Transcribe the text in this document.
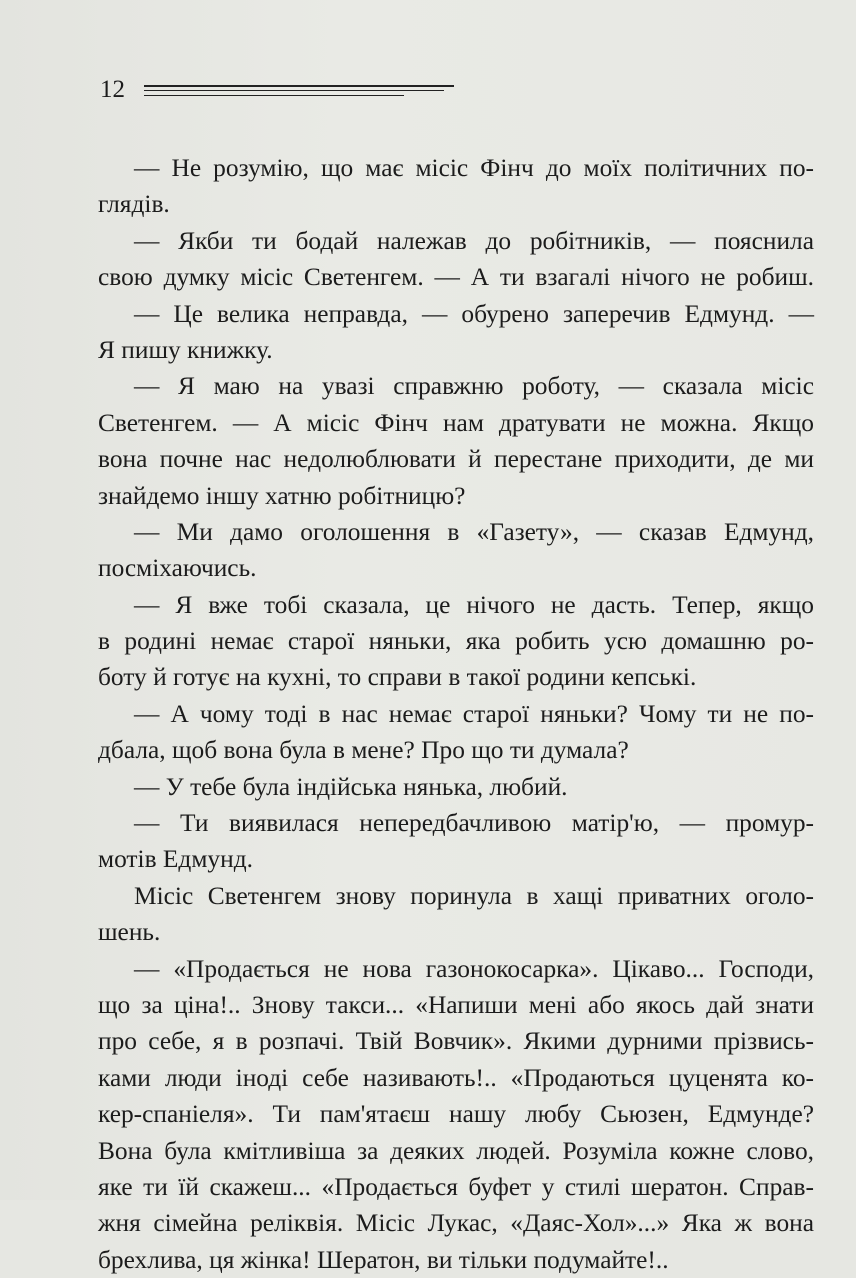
12
— Не розумію, що має місіс Фінч до моїх політичних по-
глядів.
— Якби ти бодай належав до робітників, — пояснила
свою думку місіс Светенгем. — А ти взагалі нічого не робиш.
— Це велика неправда, — обурено заперечив Едмунд. —
Я пишу книжку.
— Я маю на увазі справжню роботу, — сказала місіс
Светенгем. — А місіс Фінч нам дратувати не можна. Якщо
вона почне нас недолюблювати й перестане приходити, де ми
знайдемо іншу хатню робітницю?
— Ми дамо оголошення в «Газету», — сказав Едмунд,
посміхаючись.
— Я вже тобі сказала, це нічого не дасть. Тепер, якщо
в родині немає старої няньки, яка робить усю домашню ро-
боту й готує на кухні, то справи в такої родини кепські.
— А чому тоді в нас немає старої няньки? Чому ти не по-
дбала, щоб вона була в мене? Про що ти думала?
— У тебе була індійська нянька, любий.
— Ти виявилася непередбачливою матір'ю, — промур-
мотів Едмунд.
Місіс Светенгем знову поринула в хащі приватних оголо-
шень.
— «Продається не нова газонокосарка». Цікаво... Господи,
що за ціна!.. Знову такси... «Напиши мені або якось дай знати
про себе, я в розпачі. Твій Вовчик». Якими дурними прізвись-
ками люди іноді себе називають!.. «Продаються цуценята ко-
кер-спаніеля». Ти пам'ятаєш нашу любу Сьюзен, Едмунде?
Вона була кмітливіша за деяких людей. Розуміла кожне слово,
яке ти їй скажеш... «Продається буфет у стилі шератон. Справ-
жня сімейна реліквія. Місіс Лукас, «Даяс-Хол»...» Яка ж вона
брехлива, ця жінка! Шератон, ви тільки подумайте!..
